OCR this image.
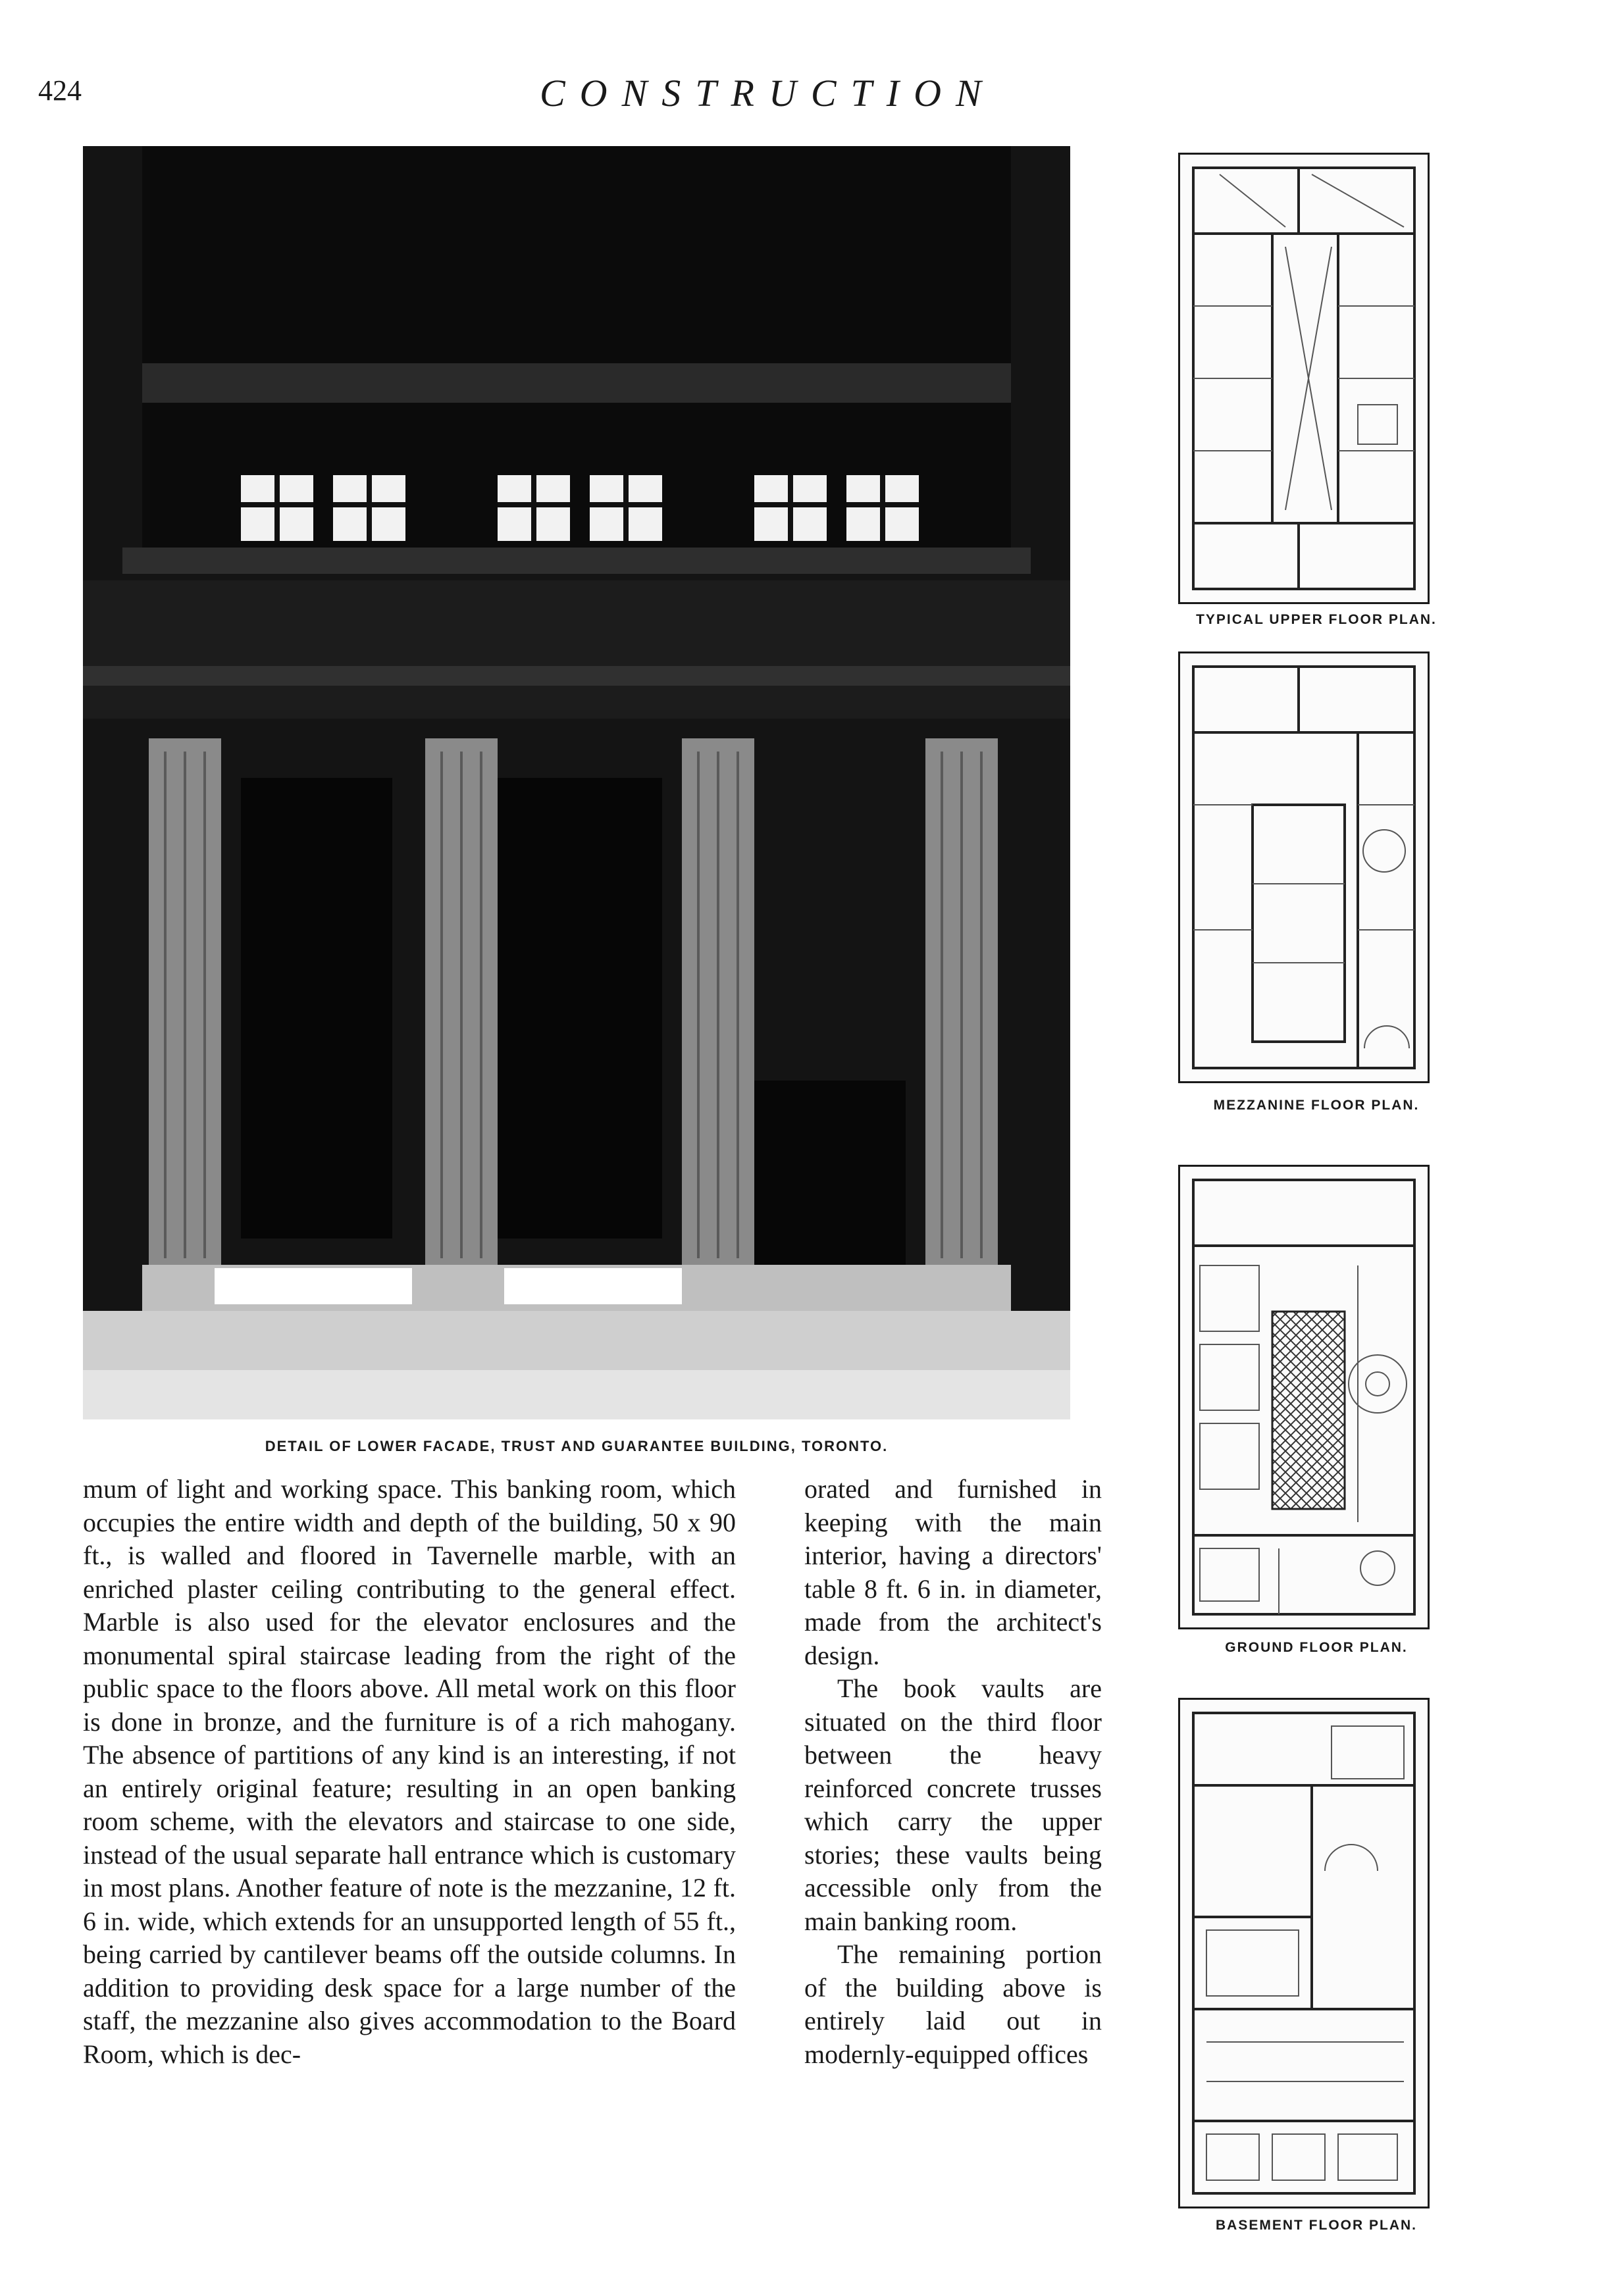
424	CONSTRUCTION
DETAIL OF LOWER FACADE, TRUST AND GUARANTEE BUILDING, TORONTO.

mum of light and working space. This banking room, which occupies the entire width and depth of the building, 50 x 90 ft., is walled and floored in Tavernelle marble, with an enriched plaster ceiling contributing to the general effect. Marble is also used for the elevator enclosures and the monumental spiral staircase leading from the right of the public space to the floors above. All metal work on this floor is done in bronze, and the furniture is of a rich mahogany. The absence of partitions of any kind is an interesting, if not an entirely original feature; resulting in an open banking room scheme, with the elevators and staircase to one side, instead of the usual separate hall entrance which is customary in most plans. Another feature of note is the mezzanine, 12 ft. 6 in. wide, which extends for an unsupported length of 55 ft., being carried by cantilever beams off the outside columns. In addition to providing desk space for a large number of the staff, the mezzanine also gives accommodation to the Board Room, which is dec-

orated and furnished in keeping with the main interior, having a directors' table 8 ft. 6 in. in diameter, made from the architect's design.

The book vaults are situated on the third floor between the heavy reinforced concrete trusses which carry the upper stories; these vaults being accessible only from the main banking room.

The remaining portion of the building above is entirely laid out in modernly-equipped offices

TYPICAL UPPER FLOOR PLAN.
MEZZANINE FLOOR PLAN.
GROUND FLOOR PLAN.
BASEMENT FLOOR PLAN.
